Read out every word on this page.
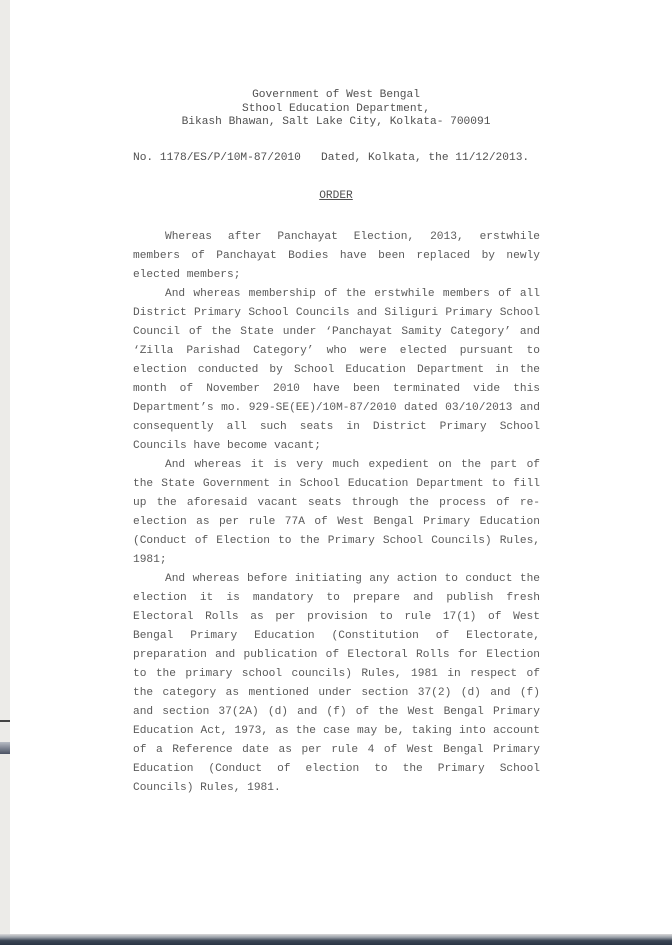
Government of West Bengal
Sthool Education Department,
Bikash Bhawan, Salt Lake City, Kolkata- 700091
No. 1178/ES/P/10M-87/2010 Dated, Kolkata, the 11/12/2013.
ORDER

Whereas after Panchayat Election, 2013, erstwhile members of Panchayat Bodies have been replaced by newly elected members;

And whereas membership of the erstwhile members of all District Primary School Councils and Siliguri Primary School Council of the State under ‘Panchayat Samity Category’ and ‘Zilla Parishad Category’ who were elected pursuant to election conducted by School Education Department in the month of November 2010 have been terminated vide this Department’s mo. 929-SE(EE)/10M-87/2010 dated 03/10/2013 and consequently all such seats in District Primary School Councils have become vacant;

And whereas it is very much expedient on the part of the State Government in School Education Department to fill up the aforesaid vacant seats through the process of re-election as per rule 77A of West Bengal Primary Education (Conduct of Election to the Primary School Councils) Rules, 1981;

And whereas before initiating any action to conduct the election it is mandatory to prepare and publish fresh Electoral Rolls as per provision to rule 17(1) of West Bengal Primary Education (Constitution of Electorate, preparation and publication of Electoral Rolls for Election to the primary school councils) Rules, 1981 in respect of the category as mentioned under section 37(2) (d) and (f) and section 37(2A) (d) and (f) of the West Bengal Primary Education Act, 1973, as the case may be, taking into account of a Reference date as per rule 4 of West Bengal Primary Education (Conduct of election to the Primary School Councils) Rules, 1981.
